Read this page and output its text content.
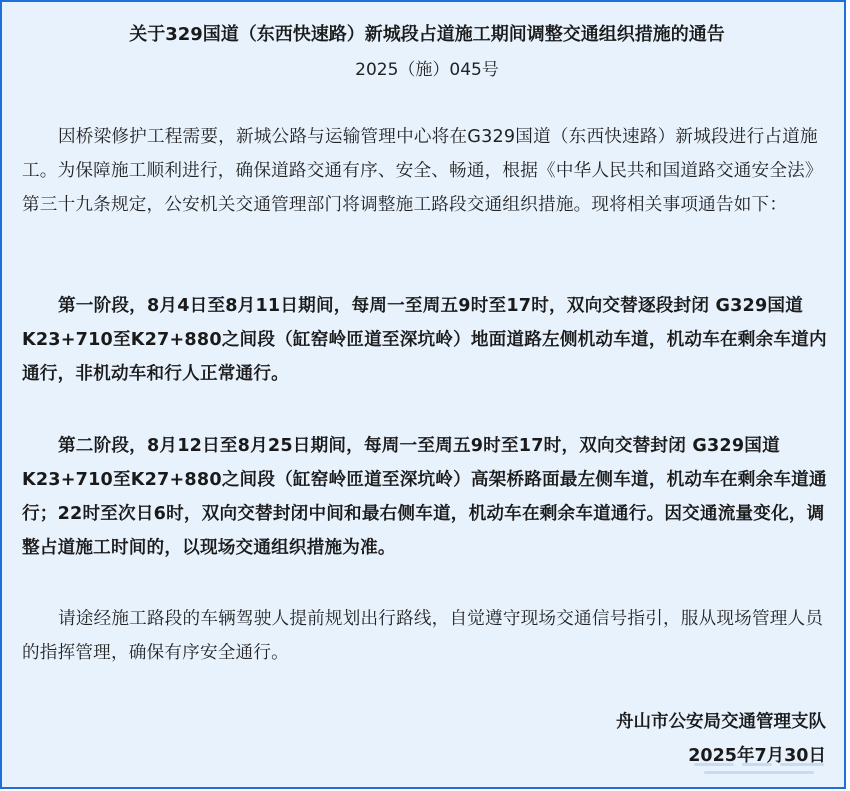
关于329国道（东西快速路）新城段占道施工期间调整交通组织措施的通告
2025（施）045号
因桥梁修护工程需要，新城公路与运输管理中心将在G329国道（东西快速路）新城段进行占道施工。为保障施工顺利进行，确保道路交通有序、安全、畅通，根据《中华人民共和国道路交通安全法》第三十九条规定，公安机关交通管理部门将调整施工路段交通组织措施。现将相关事项通告如下：
第一阶段，8月4日至8月11日期间，每周一至周五9时至17时，双向交替逐段封闭 G329国道K23+710至K27+880之间段（缸窑岭匝道至深坑岭）地面道路左侧机动车道，机动车在剩余车道内通行，非机动车和行人正常通行。
第二阶段，8月12日至8月25日期间，每周一至周五9时至17时，双向交替封闭 G329国道K23+710至K27+880之间段（缸窑岭匝道至深坑岭）高架桥路面最左侧车道，机动车在剩余车道通行；22时至次日6时，双向交替封闭中间和最右侧车道，机动车在剩余车道通行。因交通流量变化，调整占道施工时间的，以现场交通组织措施为准。
请途经施工路段的车辆驾驶人提前规划出行路线，自觉遵守现场交通信号指引，服从现场管理人员的指挥管理，确保有序安全通行。
舟山市公安局交通管理支队
2025年7月30日
